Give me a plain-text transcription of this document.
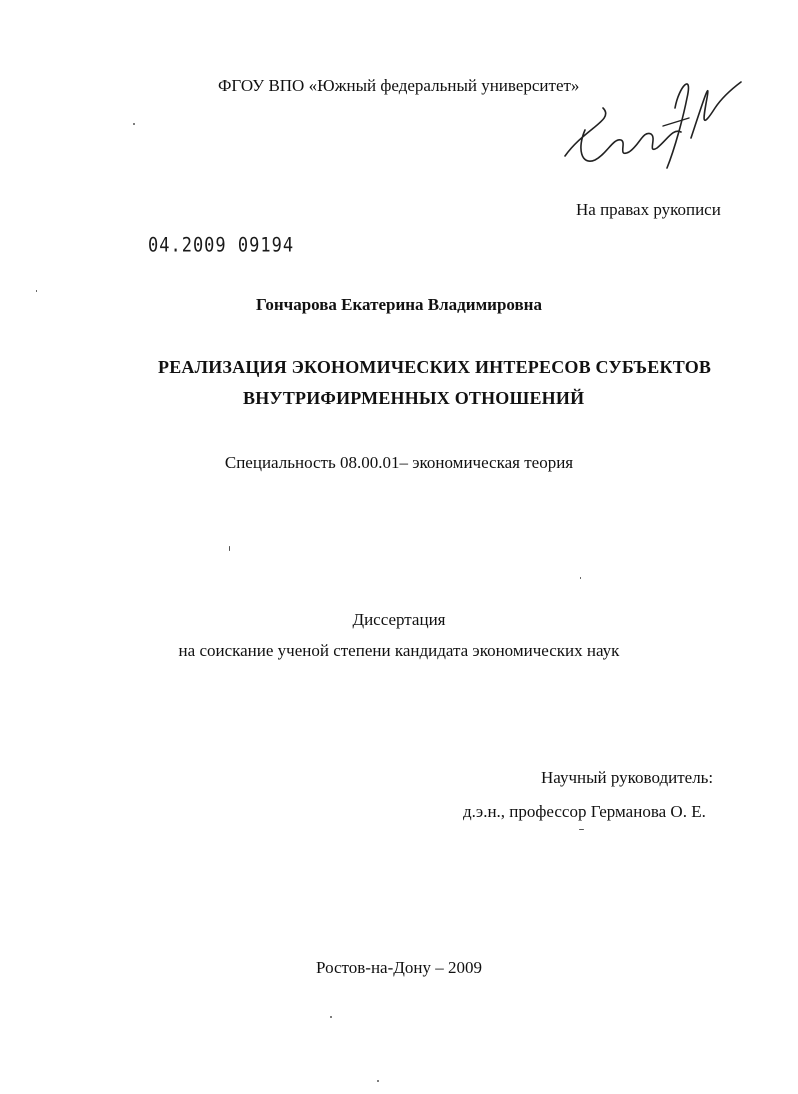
ФГОУ ВПО «Южный федеральный университет»
На правах рукописи
04.2009 09194
Гончарова Екатерина Владимировна
РЕАЛИЗАЦИЯ ЭКОНОМИЧЕСКИХ ИНТЕРЕСОВ СУБЪЕКТОВ
ВНУТРИФИРМЕННЫХ ОТНОШЕНИЙ
Специальность 08.00.01– экономическая теория
Диссертация
на соискание ученой степени кандидата экономических наук
Научный руководитель:
д.э.н., профессор Германова О. Е.
Ростов-на-Дону – 2009
